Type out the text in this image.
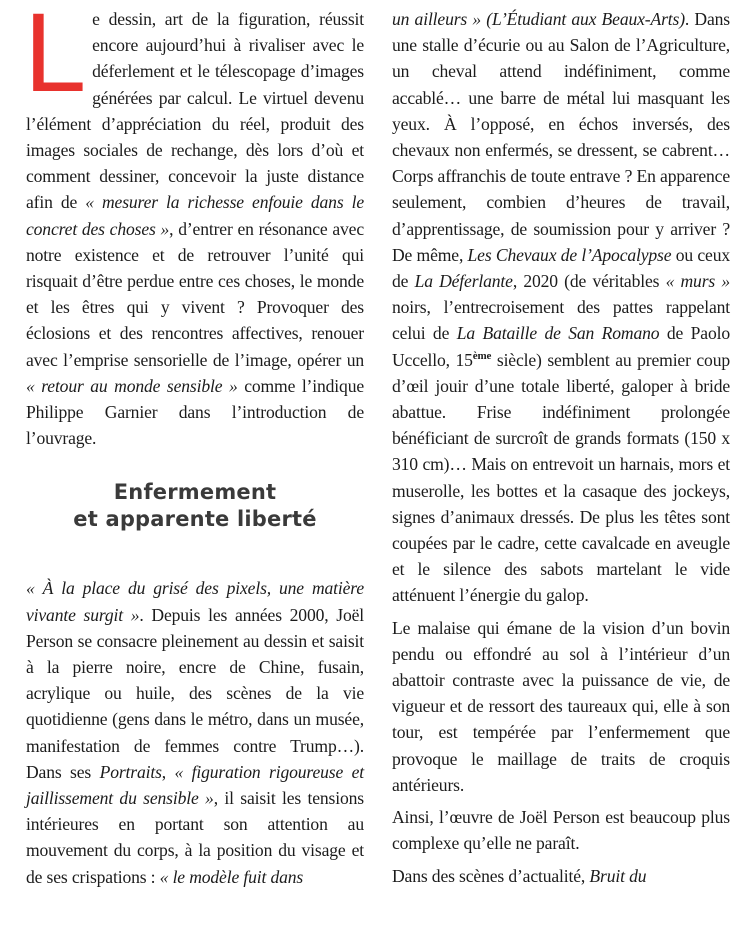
Le dessin, art de la figuration, réussit encore aujourd’hui à rivaliser avec le déferlement et le télescopage d’images générées par calcul. Le virtuel devenu l’élément d’appréciation du réel, produit des images sociales de rechange, dès lors d’où et comment dessiner, concevoir la juste distance afin de « mesurer la richesse enfouie dans le concret des choses », d’entrer en résonance avec notre existence et de retrouver l’unité qui risquait d’être perdue entre ces choses, le monde et les êtres qui y vivent ? Provoquer des éclosions et des rencontres affectives, renouer avec l’emprise sensorielle de l’image, opérer un « retour au monde sensible » comme l’indique Philippe Garnier dans l’introduction de l’ouvrage.

Enfermement
et apparente liberté

« À la place du grisé des pixels, une matière vivante surgit ». Depuis les années 2000, Joël Person se consacre pleinement au dessin et saisit à la pierre noire, encre de Chine, fusain, acrylique ou huile, des scènes de la vie quotidienne (gens dans le métro, dans un musée, manifestation de femmes contre Trump…). Dans ses Portraits, « figuration rigoureuse et jaillissement du sensible », il saisit les tensions intérieures en portant son attention au mouvement du corps, à la position du visage et de ses crispations : « le modèle fuit dans

un ailleurs » (L’Étudiant aux Beaux-Arts). Dans une stalle d’écurie ou au Salon de l’Agriculture, un cheval attend indéfiniment, comme accablé… une barre de métal lui masquant les yeux. À l’opposé, en échos inversés, des chevaux non enfermés, se dressent, se cabrent… Corps affranchis de toute entrave ? En apparence seulement, combien d’heures de travail, d’apprentissage, de soumission pour y arriver ? De même, Les Chevaux de l’Apocalypse ou ceux de La Déferlante, 2020 (de véritables « murs » noirs, l’entrecroisement des pattes rappelant celui de La Bataille de San Romano de Paolo Uccello, 15ème siècle) semblent au premier coup d’œil jouir d’une totale liberté, galoper à bride abattue. Frise indéfiniment prolongée bénéficiant de surcroît de grands formats (150 x 310 cm)… Mais on entrevoit un harnais, mors et muserolle, les bottes et la casaque des jockeys, signes d’animaux dressés. De plus les têtes sont coupées par le cadre, cette cavalcade en aveugle et le silence des sabots martelant le vide atténuent l’énergie du galop.

Le malaise qui émane de la vision d’un bovin pendu ou effondré au sol à l’intérieur d’un abattoir contraste avec la puissance de vie, de vigueur et de ressort des taureaux qui, elle à son tour, est tempérée par l’enfermement que provoque le maillage de traits de croquis antérieurs.

Ainsi, l’œuvre de Joël Person est beaucoup plus complexe qu’elle ne paraît.

Dans des scènes d’actualité, Bruit du
